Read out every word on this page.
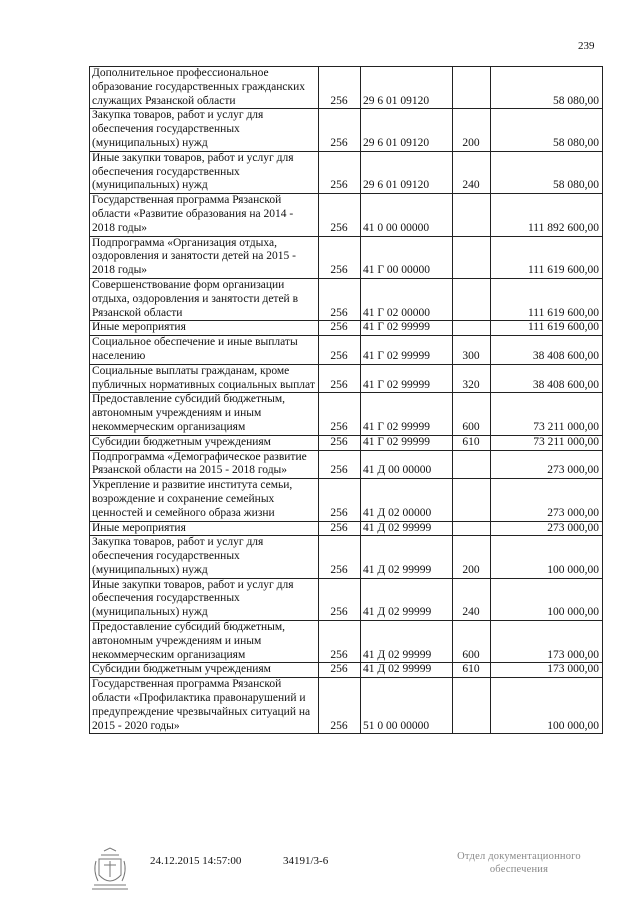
239
Дополнительное профессиональное образование государственных гражданских служащих Рязанской области	256	29 6 01 09120		58 080,00
Закупка товаров, работ и услуг для обеспечения государственных (муниципальных) нужд	256	29 6 01 09120	200	58 080,00
Иные закупки товаров, работ и услуг для обеспечения государственных (муниципальных) нужд	256	29 6 01 09120	240	58 080,00
Государственная программа Рязанской области «Развитие образования на 2014 - 2018 годы»	256	41 0 00 00000		111 892 600,00
Подпрограмма «Организация отдыха, оздоровления и занятости детей на 2015 - 2018 годы»	256	41 Г 00 00000		111 619 600,00
Совершенствование форм организации отдыха, оздоровления и занятости детей в Рязанской области	256	41 Г 02 00000		111 619 600,00
Иные мероприятия	256	41 Г 02 99999		111 619 600,00
Социальное обеспечение и иные выплаты населению	256	41 Г 02 99999	300	38 408 600,00
Социальные выплаты гражданам, кроме публичных нормативных социальных выплат	256	41 Г 02 99999	320	38 408 600,00
Предоставление субсидий бюджетным, автономным учреждениям и иным некоммерческим организациям	256	41 Г 02 99999	600	73 211 000,00
Субсидии бюджетным учреждениям	256	41 Г 02 99999	610	73 211 000,00
Подпрограмма «Демографическое развитие Рязанской области на 2015 - 2018 годы»	256	41 Д 00 00000		273 000,00
Укрепление и развитие института семьи, возрождение и сохранение семейных ценностей и семейного образа жизни	256	41 Д 02 00000		273 000,00
Иные мероприятия	256	41 Д 02 99999		273 000,00
Закупка товаров, работ и услуг для обеспечения государственных (муниципальных) нужд	256	41 Д 02 99999	200	100 000,00
Иные закупки товаров, работ и услуг для обеспечения государственных (муниципальных) нужд	256	41 Д 02 99999	240	100 000,00
Предоставление субсидий бюджетным, автономным учреждениям и иным некоммерческим организациям	256	41 Д 02 99999	600	173 000,00
Субсидии бюджетным учреждениям	256	41 Д 02 99999	610	173 000,00
Государственная программа Рязанской области «Профилактика правонарушений и предупреждение чрезвычайных ситуаций на 2015 - 2020 годы»	256	51 0 00 00000		100 000,00
24.12.2015 14:57:00	34191/3-6	Отдел документационного
обеспечения
